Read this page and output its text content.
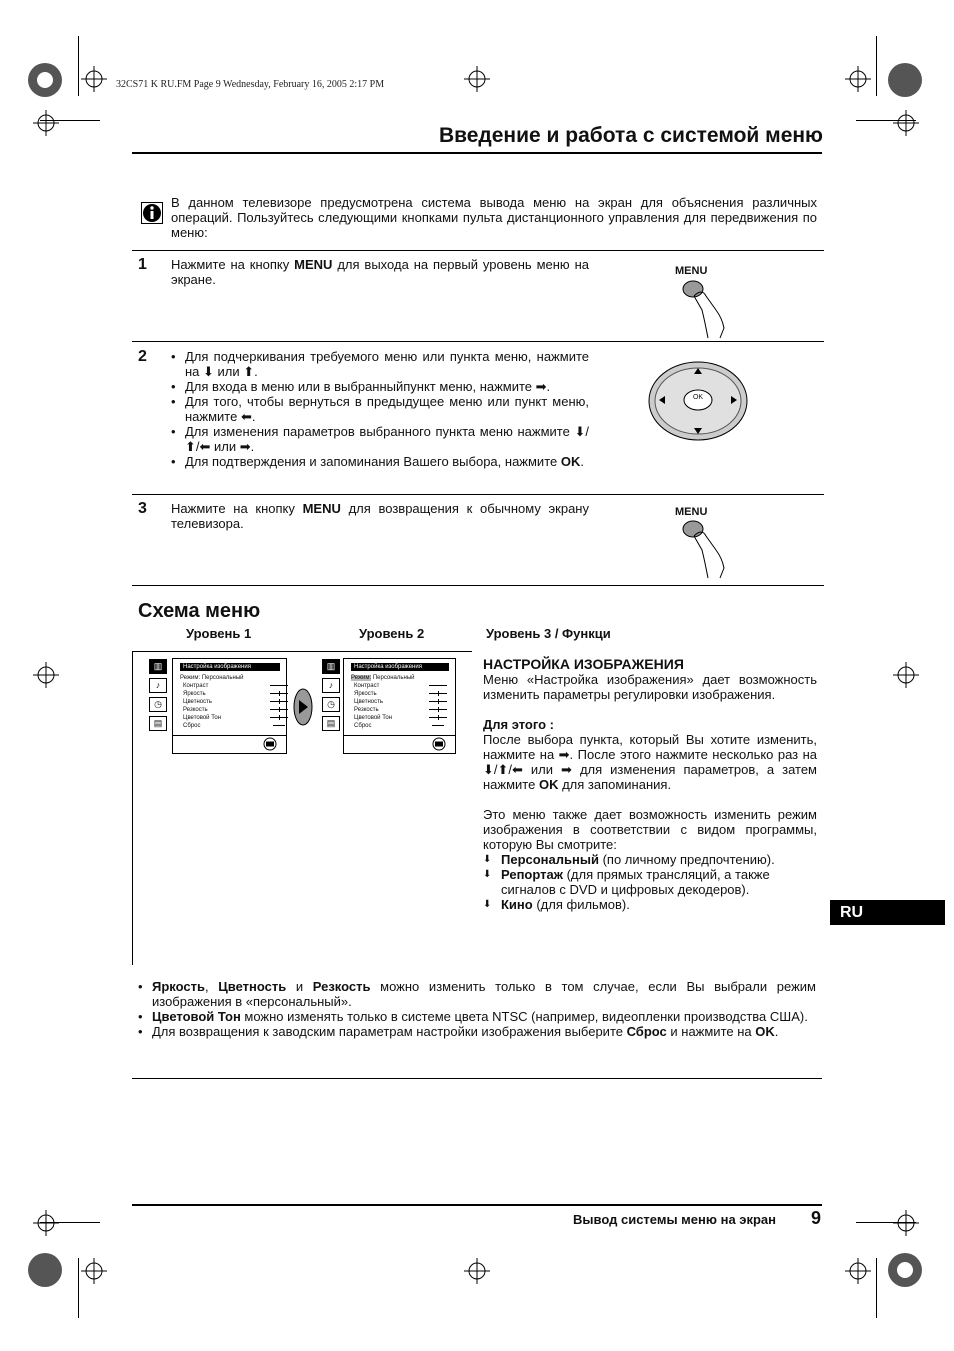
32CS71 K RU.FM Page 9 Wednesday, February 16, 2005 2:17 PM
Введение и работа с системой меню

В данном телевизоре предусмотрена система вывода меню на экран для объяснения различных операций. Пользуйтесь следующими кнопками пульта дистанционного управления для передвижения по меню:

1 Нажмите на кнопку MENU для выхода на первый уровень меню на экране.

MENU
2
•	Для подчеркивания требуемого меню или пункта меню, нажмите на ⬇ или ⬆.
• Для входа в меню или в выбранныйпункт меню, нажмите ➡.
• Для того, чтобы вернуться в предыдущее меню или пункт меню, нажмите ⬅.
• Для изменения параметров выбранного пункта меню нажмите ⬇/⬆/⬅ или ➡.
• Для подтверждения и запоминания Вашего выбора, нажмите OK.
OK
3 Нажмите на кнопку MENU для возвращения к обычному экрану телевизора.

MENU
Схема меню
Уровень 1	Уровень 2	Уровень 3 / Функци
▥
♪
◷
▤
Настройка изображения
Режим: Персональный
Контраст
Яркость
Цветность
Резкость
Цветовой Тон
Сброс
▥
♪
◷
▤
Настройка изображения
Режим: Персональный
Контраст
Яркость
Цветность
Резкость
Цветовой Тон
Сброс
НАСТРОЙКА ИЗОБРАЖЕНИЯ

Меню «Настройка изображения» дает возможность изменить параметры регулировки изображения.

Для этого :

После выбора пункта, который Вы хотите изменить, нажмите на ➡. После этого нажмите несколько раз на ⬇/⬆/⬅ или ➡ для изменения параметров, а затем нажмите OK для запоминания.

Это меню также дает возможность изменить режим изображения в соответствии с видом программы, которую Вы смотрите:

⬇ Персональный (по личному предпочтению).
⬇ Репортаж (для прямых трансляций, а также сигналов с DVD и цифровых декодеров).
⬇ Кино (для фильмов).	RU
• Яркость, Цветность и Резкость можно изменить только в том случае, если Вы выбрали режим изображения в «персональный».
• Цветовой Тон можно изменять только в системе цвета NTSC (например, видеопленки производства США).
• Для возвращения к заводским параметрам настройки изображения выберите Сброс и нажмите на OK.
Вывод системы меню на экран 9
